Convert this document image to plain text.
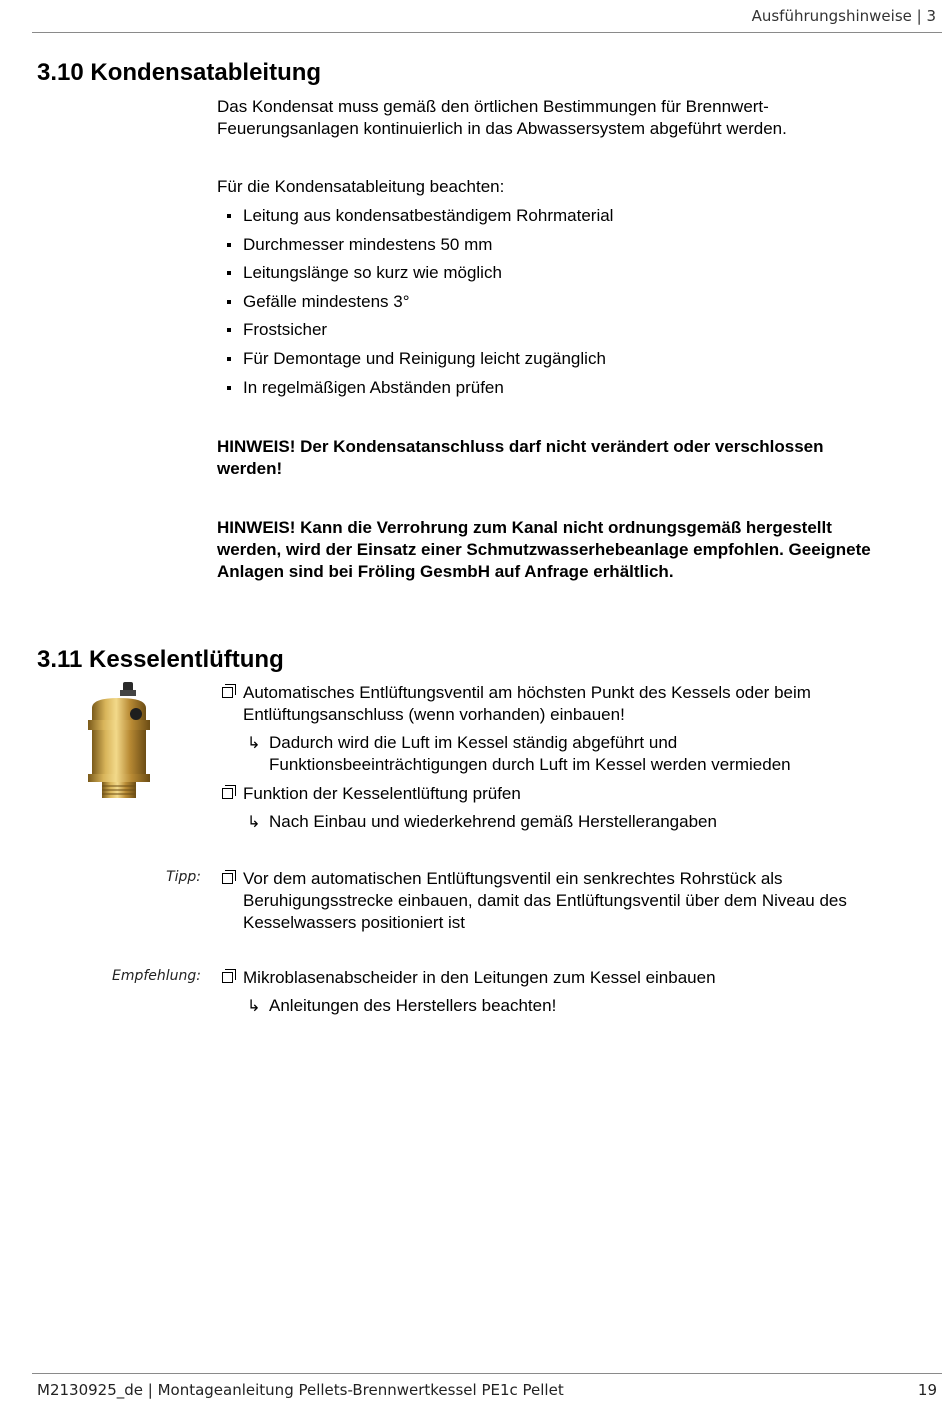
Ausführungshinweise | 3
3.10 Kondensatableitung

Das Kondensat muss gemäß den örtlichen Bestimmungen für Brennwert-

Feuerungsanlagen kontinuierlich in das Abwassersystem abgeführt werden.

Für die Kondensatableitung beachten:

Leitung aus kondensatbeständigem Rohrmaterial
Durchmesser mindestens 50 mm
Leitungslänge so kurz wie möglich
Gefälle mindestens 3°
Frostsicher
Für Demontage und Reinigung leicht zugänglich
In regelmäßigen Abständen prüfen

HINWEIS! Der Kondensatanschluss darf nicht verändert oder verschlossen

werden!

HINWEIS! Kann die Verrohrung zum Kanal nicht ordnungsgemäß hergestellt

werden, wird der Einsatz einer Schmutzwasserhebeanlage empfohlen. Geeignete

Anlagen sind bei Fröling GesmbH auf Anfrage erhältlich.

3.11 Kesselentlüftung
Automatisches Entlüftungsventil am höchsten Punkt des Kessels oder beim
Entlüftungsanschluss (wenn vorhanden) einbauen!
↳ Dadurch wird die Luft im Kessel ständig abgeführt und
Funktionsbeeinträchtigungen durch Luft im Kessel werden vermieden
Funktion der Kesselentlüftung prüfen
↳ Nach Einbau und wiederkehrend gemäß Herstellerangaben
Tipp: Vor dem automatischen Entlüftungsventil ein senkrechtes Rohrstück als
Beruhigungsstrecke einbauen, damit das Entlüftungsventil über dem Niveau des
Kesselwassers positioniert ist
Empfehlung: Mikroblasenabscheider in den Leitungen zum Kessel einbauen
↳ Anleitungen des Herstellers beachten!
M2130925_de | Montageanleitung Pellets-Brennwertkessel PE1c Pellet	19
